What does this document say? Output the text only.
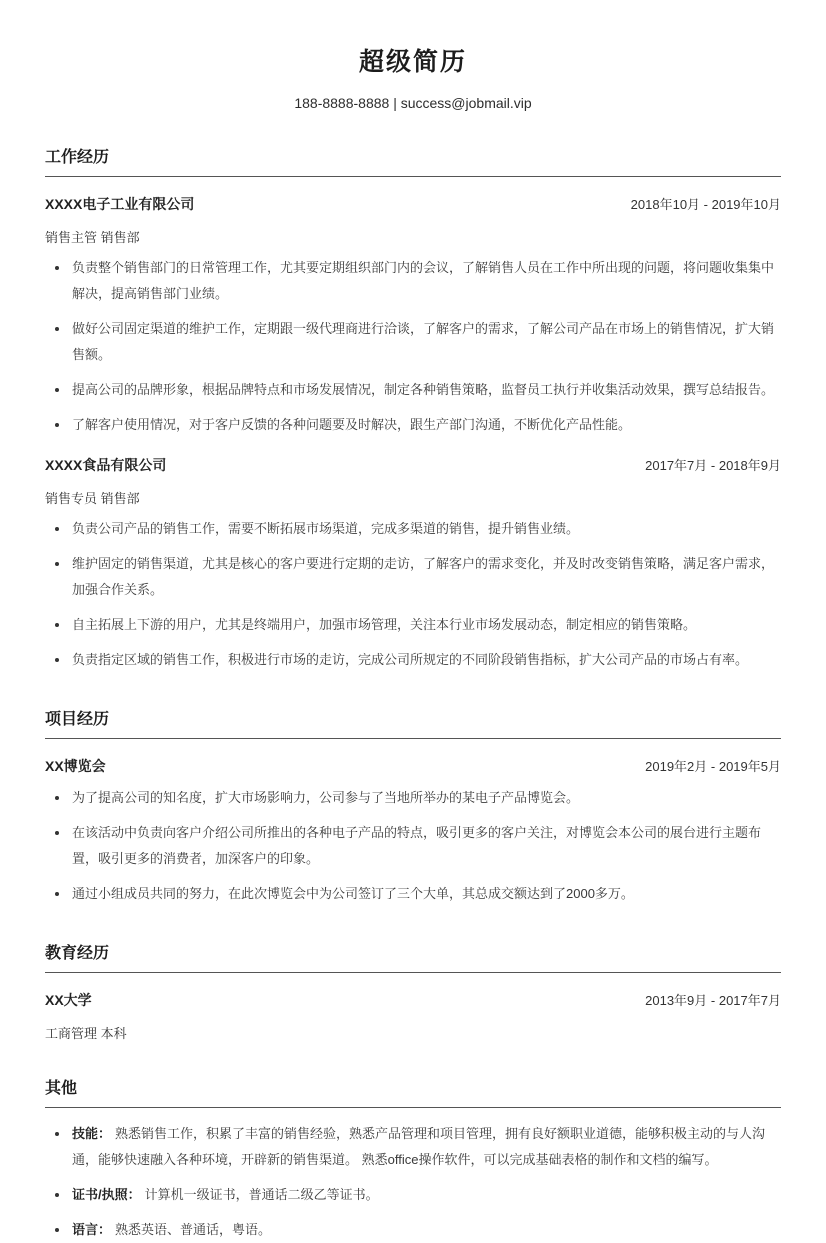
超级简历
188-8888-8888 | success@jobmail.vip
工作经历
XXXX电子工业有限公司	2018年10月 - 2019年10月
销售主管 销售部
负责整个销售部门的日常管理工作，尤其要定期组织部门内的会议，了解销售人员在工作中所出现的问题，将问题收集集中解决，提高销售部门业绩。
做好公司固定渠道的维护工作，定期跟一级代理商进行洽谈，了解客户的需求，了解公司产品在市场上的销售情况，扩大销售额。
提高公司的品牌形象，根据品牌特点和市场发展情况，制定各种销售策略，监督员工执行并收集活动效果，撰写总结报告。
了解客户使用情况，对于客户反馈的各种问题要及时解决，跟生产部门沟通，不断优化产品性能。
XXXX食品有限公司	2017年7月 - 2018年9月
销售专员 销售部
负责公司产品的销售工作，需要不断拓展市场渠道，完成多渠道的销售，提升销售业绩。
维护固定的销售渠道，尤其是核心的客户要进行定期的走访，了解客户的需求变化，并及时改变销售策略，满足客户需求，加强合作关系。
自主拓展上下游的用户，尤其是终端用户，加强市场管理，关注本行业市场发展动态，制定相应的销售策略。
负责指定区域的销售工作，积极进行市场的走访，完成公司所规定的不同阶段销售指标，扩大公司产品的市场占有率。
项目经历
XX博览会	2019年2月 - 2019年5月
为了提高公司的知名度，扩大市场影响力，公司参与了当地所举办的某电子产品博览会。
在该活动中负责向客户介绍公司所推出的各种电子产品的特点，吸引更多的客户关注，对博览会本公司的展台进行主题布置，吸引更多的消费者，加深客户的印象。
通过小组成员共同的努力，在此次博览会中为公司签订了三个大单，其总成交额达到了2000多万。
教育经历
XX大学	2013年9月 - 2017年7月
工商管理 本科
其他
技能： 熟悉销售工作，积累了丰富的销售经验，熟悉产品管理和项目管理，拥有良好额职业道德，能够积极主动的与人沟通，能够快速融入各种环境，开辟新的销售渠道。 熟悉office操作软件，可以完成基础表格的制作和文档的编写。
证书/执照： 计算机一级证书，普通话二级乙等证书。
语言： 熟悉英语、普通话，粤语。
